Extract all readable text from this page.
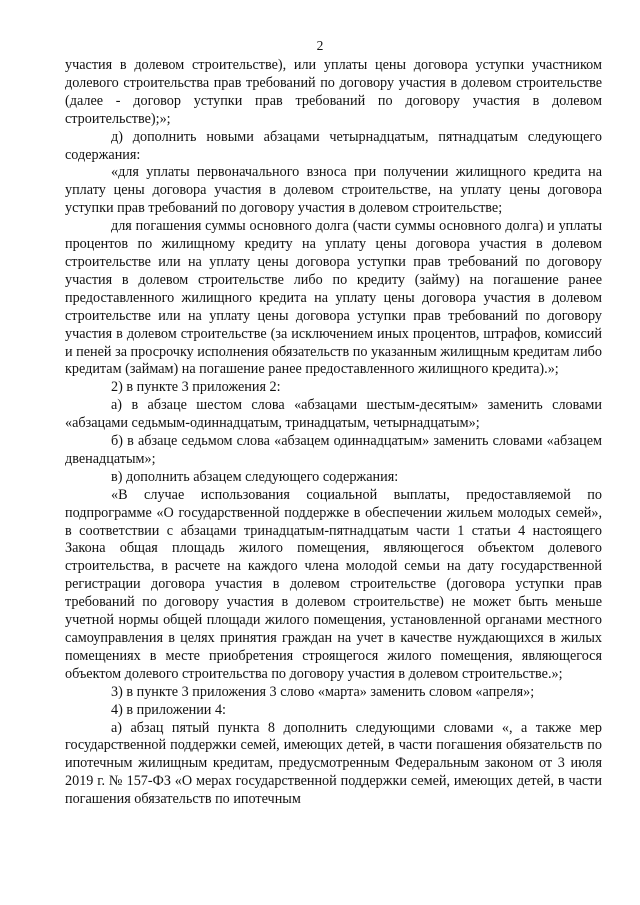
2

участия в долевом строительстве), или уплаты цены договора уступки участником долевого строительства прав требований по договору участия в долевом строительстве (далее - договор уступки прав требований по договору участия в долевом строительстве);»;

д) дополнить новыми абзацами четырнадцатым, пятнадцатым следующего содержания:

«для уплаты первоначального взноса при получении жилищного кредита на уплату цены договора участия в долевом строительстве, на уплату цены договора уступки прав требований по договору участия в долевом строительстве;

для погашения суммы основного долга (части суммы основного долга) и уплаты процентов по жилищному кредиту на уплату цены договора участия в долевом строительстве или на уплату цены договора уступки прав требований по договору участия в долевом строительстве либо по кредиту (займу) на погашение ранее предоставленного жилищного кредита на уплату цены договора участия в долевом строительстве или на уплату цены договора уступки прав требований по договору участия в долевом строительстве (за исключением иных процентов, штрафов, комиссий и пеней за просрочку исполнения обязательств по указанным жилищным кредитам либо кредитам (займам) на погашение ранее предоставленного жилищного кредита).»;

2) в пункте 3 приложения 2:

а) в абзаце шестом слова «абзацами шестым-десятым» заменить словами «абзацами седьмым-одиннадцатым, тринадцатым, четырнадцатым»;

б) в абзаце седьмом слова «абзацем одиннадцатым» заменить словами «абзацем двенадцатым»;

в) дополнить абзацем следующего содержания:

«В случае использования социальной выплаты, предоставляемой по подпрограмме «О государственной поддержке в обеспечении жильем молодых семей», в соответствии с абзацами тринадцатым-пятнадцатым части 1 статьи 4 настоящего Закона общая площадь жилого помещения, являющегося объектом долевого строительства, в расчете на каждого члена молодой семьи на дату государственной регистрации договора участия в долевом строительстве (договора уступки прав требований по договору участия в долевом строительстве) не может быть меньше учетной нормы общей площади жилого помещения, установленной органами местного самоуправления в целях принятия граждан на учет в качестве нуждающихся в жилых помещениях в месте приобретения строящегося жилого помещения, являющегося объектом долевого строительства по договору участия в долевом строительстве.»;

3) в пункте 3 приложения 3 слово «марта» заменить словом «апреля»;

4) в приложении 4:

а) абзац пятый пункта 8 дополнить следующими словами «, а также мер государственной поддержки семей, имеющих детей, в части погашения обязательств по ипотечным жилищным кредитам, предусмотренным Федеральным законом от 3 июля 2019 г. № 157-ФЗ «О мерах государственной поддержки семей, имеющих детей, в части погашения обязательств по ипотечным
